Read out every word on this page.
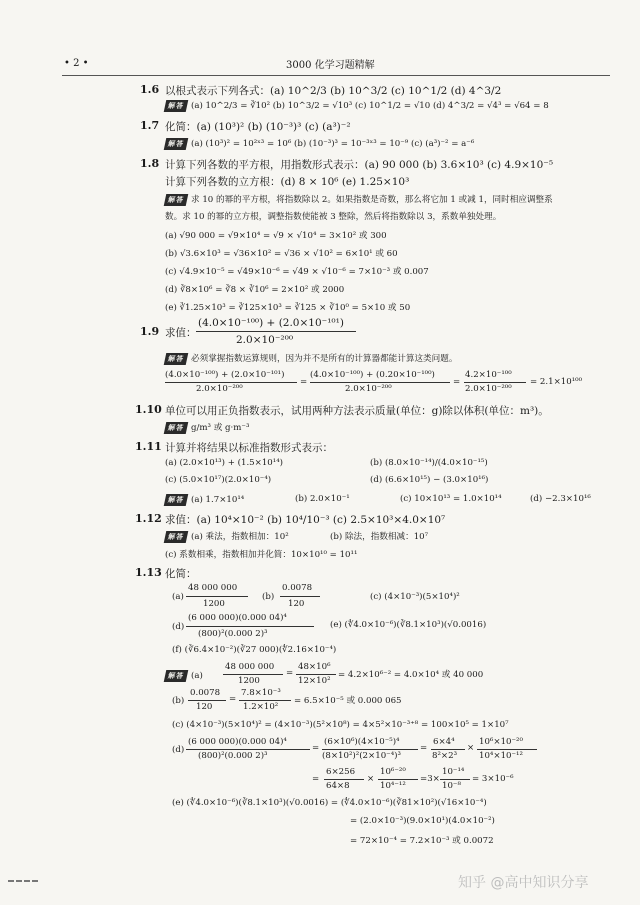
• 2 •	3000 化学习题精解
1.6 以根式表示下列各式：(a) 10^2/3 (b) 10^3/2 (c) 10^1/2 (d) 4^3/2
解答 (a) 10^2/3 = ∛10² (b) 10^3/2 = √10³ (c) 10^1/2 = √10 (d) 4^3/2 = √4³ = √64 = 8
1.7 化简：(a) (10³)² (b) (10⁻³)³ (c) (a³)⁻²
解答 (a) (10³)² = 10²ˣ³ = 10⁶ (b) (10⁻³)³ = 10⁻³ˣ³ = 10⁻⁹ (c) (a³)⁻² = a⁻⁶
1.8 计算下列各数的平方根，用指数形式表示：(a) 90 000 (b) 3.6×10³ (c) 4.9×10⁻⁵
计算下列各数的立方根：(d) 8 × 10⁶ (e) 1.25×10³
解答 求 10 的幂的平方根，将指数除以 2。如果指数是奇数，那么将它加 1 或减 1，同时相应调整系
数。求 10 的幂的立方根，调整指数使能被 3 整除，然后将指数除以 3，系数单独处理。
(a) √90 000 = √9×10⁴ = √9 × √10⁴ = 3×10² 或 300
(b) √3.6×10³ = √36×10² = √36 × √10² = 6×10¹ 或 60
(c) √4.9×10⁻⁵ = √49×10⁻⁶ = √49 × √10⁻⁶ = 7×10⁻³ 或 0.007
(d) ∛8×10⁶ = ∛8 × ∛10⁶ = 2×10² 或 2000
(e) ∛1.25×10³ = ∛125×10³ = ∛125 × ∛10⁰ = 5×10 或 50
1.9 求值：
(4.0×10⁻¹⁰⁰) + (2.0×10⁻¹⁰¹)
2.0×10⁻²⁰⁰
解答 必须掌握指数运算规则，因为并不是所有的计算器都能计算这类问题。
(4.0×10⁻¹⁰⁰) + (2.0×10⁻¹⁰¹)
2.0×10⁻²⁰⁰
=
(4.0×10⁻¹⁰⁰) + (0.20×10⁻¹⁰⁰)
2.0×10⁻²⁰⁰
=
4.2×10⁻¹⁰⁰
2.0×10⁻²⁰⁰
= 2.1×10¹⁰⁰
1.10 单位可以用正负指数表示，试用两种方法表示质量(单位：g)除以体积(单位：m³)。
解答 g/m³ 或 g·m⁻³
1.11 计算并将结果以标准指数形式表示：
(a) (2.0×10¹³) + (1.5×10¹⁴)	(b) (8.0×10⁻¹⁴)/(4.0×10⁻¹⁵)
(c) (5.0×10¹⁷)(2.0×10⁻⁴)	(d) (6.6×10¹⁵) − (3.0×10¹⁶)
解答 (a) 1.7×10¹⁴	(b) 2.0×10⁻¹	(c) 10×10¹³ = 1.0×10¹⁴	(d) −2.3×10¹⁶
1.12 求值：(a) 10⁴×10⁻² (b) 10⁴/10⁻³ (c) 2.5×10³×4.0×10⁷
解答 (a) 乘法，指数相加：10²	(b) 除法，指数相减：10⁷
(c) 系数相乘，指数相加并化简：10×10¹⁰ = 10¹¹
1.13 化简：
(a)
48 000 000
1200
(b)
0.0078
120
(c) (4×10⁻³)(5×10⁴)²
(d)
(6 000 000)(0.000 04)⁴
(800)²(0.000 2)³
(e) (∜4.0×10⁻⁶)(∛8.1×10³)(√0.0016)
(f) (∛6.4×10⁻²)(∛27 000)(∜2.16×10⁻⁴)
解答 (a)
48 000 000
1200
=
48×10⁶
12×10²
= 4.2×10⁶⁻² = 4.0×10⁴ 或 40 000
(b)
0.0078
120
=
7.8×10⁻³
1.2×10²
= 6.5×10⁻⁵ 或 0.000 065
(c) (4×10⁻³)(5×10⁴)² = (4×10⁻³)(5²×10⁸) = 4×5²×10⁻³⁺⁸ = 100×10⁵ = 1×10⁷
(d)
(6 000 000)(0.000 04)⁴
(800)²(0.000 2)³
=
(6×10⁶)(4×10⁻⁵)⁴
(8×10²)²(2×10⁻⁴)³
=
6×4⁴
8²×2³
×
10⁶×10⁻²⁰
10⁴×10⁻¹²
=
6×256
64×8
×
10⁶⁻²⁰
10⁴⁻¹²
=3×
10⁻¹⁴
10⁻⁸
= 3×10⁻⁶
(e) (∜4.0×10⁻⁶)(∛8.1×10³)(√0.0016) = (∜4.0×10⁻⁶)(∛81×10²)(√16×10⁻⁴)
= (2.0×10⁻³)(9.0×10¹)(4.0×10⁻²)
= 72×10⁻⁴ = 7.2×10⁻³ 或 0.0072
知乎 @高中知识分享
